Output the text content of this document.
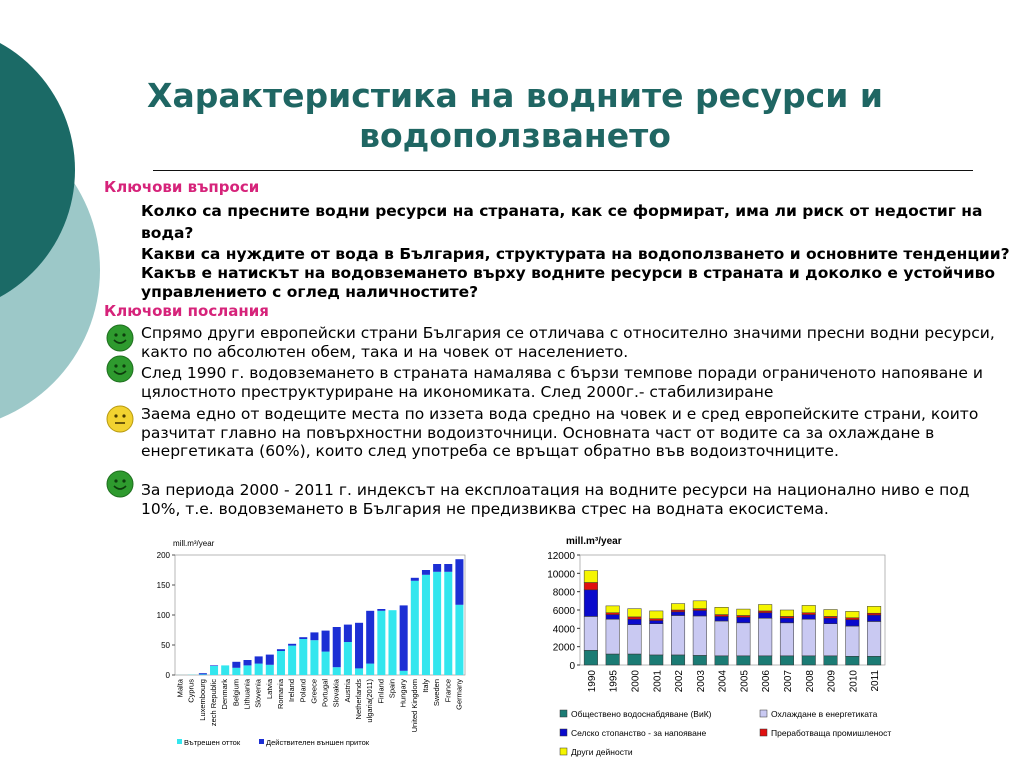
Характеристика на водните ресурси и водоползването
Ключови въпроси
Колко са пресните водни ресурси на страната, как се формират, има ли риск от недостиг на вода?
Какви са нуждите от вода в България, структурата на водоползването и основните тенденции? Какъв е натискът на водовземането върху водните ресурси в страната и доколко е устойчиво управлението с оглед наличностите?
Ключови послания
Спрямо други европейски страни България се отличава с относително значими пресни водни ресурси, както по абсолютен обем, така и на човек от населението.
След 1990 г. водовземането в страната намалява с бързи темпове поради ограниченото напояване и цялостното преструктуриране на икономиката. След 2000г.- стабилизиране
Заема едно от водещите места по иззета вода средно на човек и е сред европейските страни, които разчитат главно на повърхностни водоизточници. Основната част от водите са за охлаждане в енергетиката (60%), които след употреба се връщат обратно във водоизточниците.
За периода 2000 - 2011 г. индексът на експлоатация на водните ресурси на национално ниво е под 10%, т.е. водовземането в България не предизвиква стрес на водната екосистема.
mill.m³/year
0
50
100
150
200
Malta Cyprus Luxembourg zech Republic Denmark Belgium Lithuania Slovenia Latvia Romania Ireland Poland Greece Portugal Slovakia Austria Netherlands ulgaria(2011) Finland Spain Hungary United Kingdom Italy Sweden France Germany
Вътрешен отток	Действителен външен приток
mill.m³/year
0
2000
4000
6000
8000
10000
12000
1990 1995 2000 2001 2002 2003 2004 2005 2006 2007 2008 2009 2010 2011
Обществено водоснабдяване (ВиК)	Охлаждане в енергетиката
Селско стопанство - за напояване	Преработваща промишленост
Други дейности
